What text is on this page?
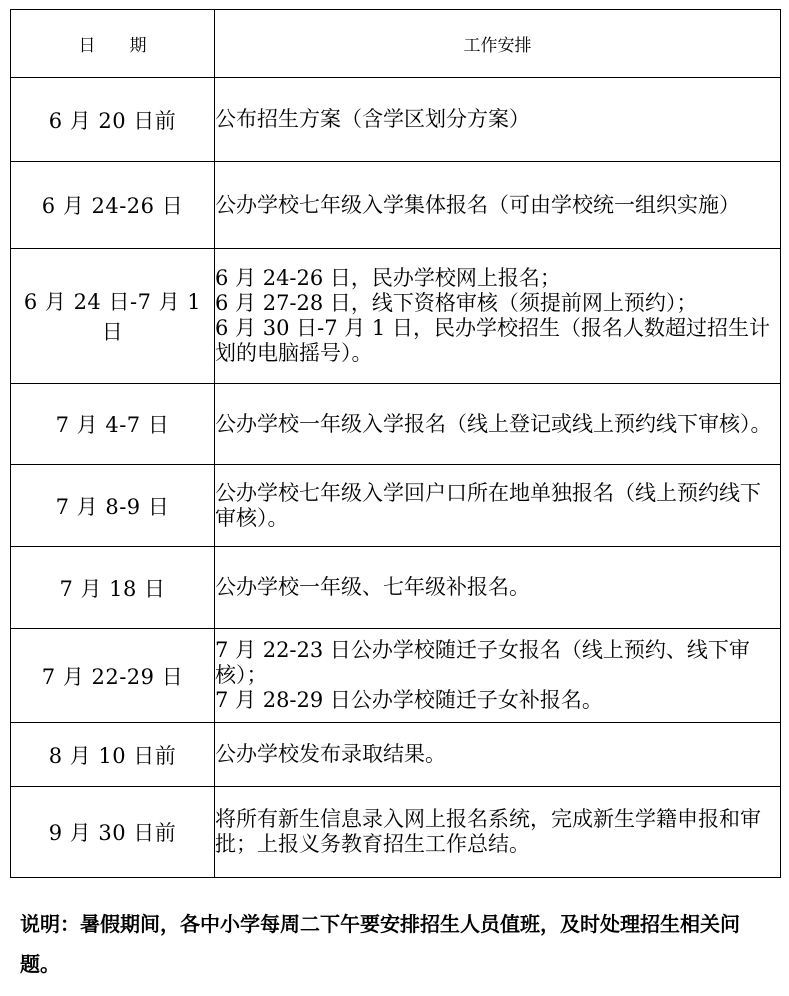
日　　期	工作安排
6 月 20 日前	公布招生方案（含学区划分方案）

6 月 24-26 日	公办学校七年级入学集体报名（可由学校统一组织实施）

6 月 24 日-7 月 1 日	6 月 24-26 日，民办学校网上报名；
6 月 27-28 日，线下资格审核（须提前网上预约）；
6 月 30 日-7 月 1 日，民办学校招生（报名人数超过招生计划的电脑摇号）。

7 月 4-7 日	公办学校一年级入学报名（线上登记或线上预约线下审核）。

7 月 8-9 日	公办学校七年级入学回户口所在地单独报名（线上预约线下审核）。

7 月 18 日	公办学校一年级、七年级补报名。

7 月 22-29 日	7 月 22-23 日公办学校随迁子女报名（线上预约、线下审核）；
7 月 28-29 日公办学校随迁子女补报名。

8 月 10 日前	公办学校发布录取结果。

9 月 30 日前	将所有新生信息录入网上报名系统，完成新生学籍申报和审批；上报义务教育招生工作总结。
说明：暑假期间，各中小学每周二下午要安排招生人员值班，及时处理招生相关问题。
